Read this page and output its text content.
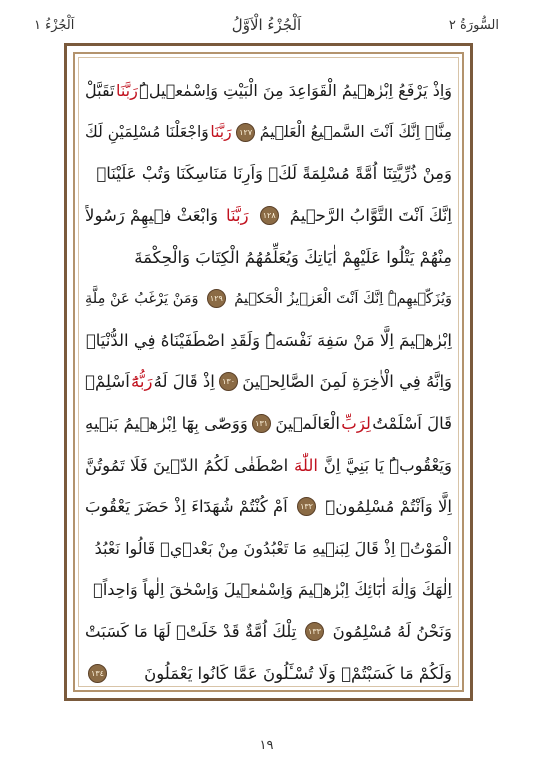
السُّورَةُ ٢
اَلْجُزْءُ الْاَوَّلُ
اَلْجُزْءُ ١
وَاِذْ يَرْفَعُ اِبْرٰه۪يمُ الْقَوَاعِدَ مِنَ الْبَيْتِ وَاِسْمٰع۪يلُۜ
رَبَّنَا
تَقَبَّلْ
مِنَّاۜ اِنَّكَ اَنْتَ السَّم۪يعُ الْعَل۪يمُ
١٢٧
رَبَّنَا
وَاجْعَلْنَا مُسْلِمَيْنِ لَكَ
وَمِنْ ذُرِّيَّتِنَٓا اُمَّةً مُسْلِمَةً لَكَۖ وَاَرِنَا مَنَاسِكَنَا وَتُبْ عَلَيْنَاۚ
اِنَّكَ اَنْتَ التَّوَّابُ الرَّح۪يمُ
١٢٨
رَبَّنَا
وَابْعَثْ ف۪يهِمْ رَسُولاً
مِنْهُمْ يَتْلُوا عَلَيْهِمْ اٰيَاتِكَ وَيُعَلِّمُهُمُ الْكِتَابَ وَالْحِكْمَةَ
وَيُزَكّ۪يهِمْۜ اِنَّكَ اَنْتَ الْعَز۪يزُ الْحَك۪يمُ
١٢٩
وَمَنْ يَرْغَبُ عَنْ مِلَّةِ
اِبْرٰه۪يمَ اِلَّا مَنْ سَفِهَ نَفْسَهُۜ وَلَقَدِ اصْطَفَيْنَاهُ فِي الدُّنْيَاۚ
وَاِنَّهُ فِي الْاٰخِرَةِ لَمِنَ الصَّالِح۪ينَ
١٣٠
اِذْ قَالَ لَهُ
رَبُّهُٓ
اَسْلِمْۙ
قَالَ اَسْلَمْتُ
لِرَبِّ
الْعَالَم۪ينَ
١٣١
وَوَصّٰى بِهَٓا اِبْرٰه۪يمُ بَن۪يهِ
وَيَعْقُوبُۜ يَا بَنِيَّ اِنَّ
اللّٰهَ
اصْطَفٰى لَكُمُ الدّ۪ينَ فَلَا تَمُوتُنَّ
اِلَّا وَاَنْتُمْ مُسْلِمُونَۜ
١٣٢
اَمْ كُنْتُمْ شُهَدَٓاءَ اِذْ حَضَرَ يَعْقُوبَ
الْمَوْتُۙ اِذْ قَالَ لِبَن۪يهِ مَا تَعْبُدُونَ مِنْ بَعْد۪يۜ قَالُوا نَعْبُدُ
اِلٰهَكَ وَاِلٰهَ اٰبَٓائِكَ اِبْرٰه۪يمَ وَاِسْمٰع۪يلَ وَاِسْحٰقَ اِلٰهاً وَاحِداًۚ
وَنَحْنُ لَهُ مُسْلِمُونَ
١٣٣
تِلْكَ اُمَّةٌ قَدْ خَلَتْۚ لَهَا مَا كَسَبَتْ
وَلَكُمْ مَا كَسَبْتُمْۚ وَلَا تُسْـَٔلُونَ عَمَّا كَانُوا يَعْمَلُونَ
١٣٤
١٩
